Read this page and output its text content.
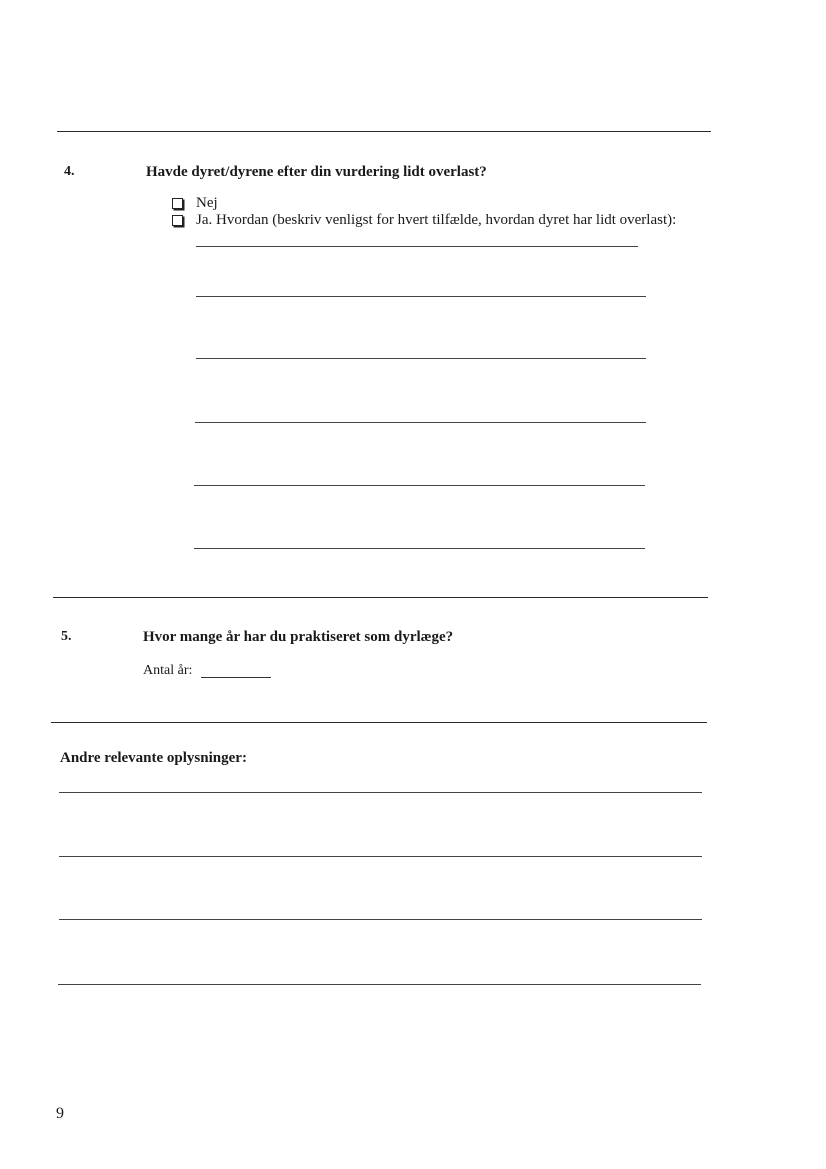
4.	Havde dyret/dyrene efter din vurdering lidt overlast?
Nej
Ja. Hvordan (beskriv venligst for hvert tilfælde, hvordan dyret har lidt overlast):
5.	Hvor mange år har du praktiseret som dyrlæge?
Antal år:
Andre relevante oplysninger:
9
